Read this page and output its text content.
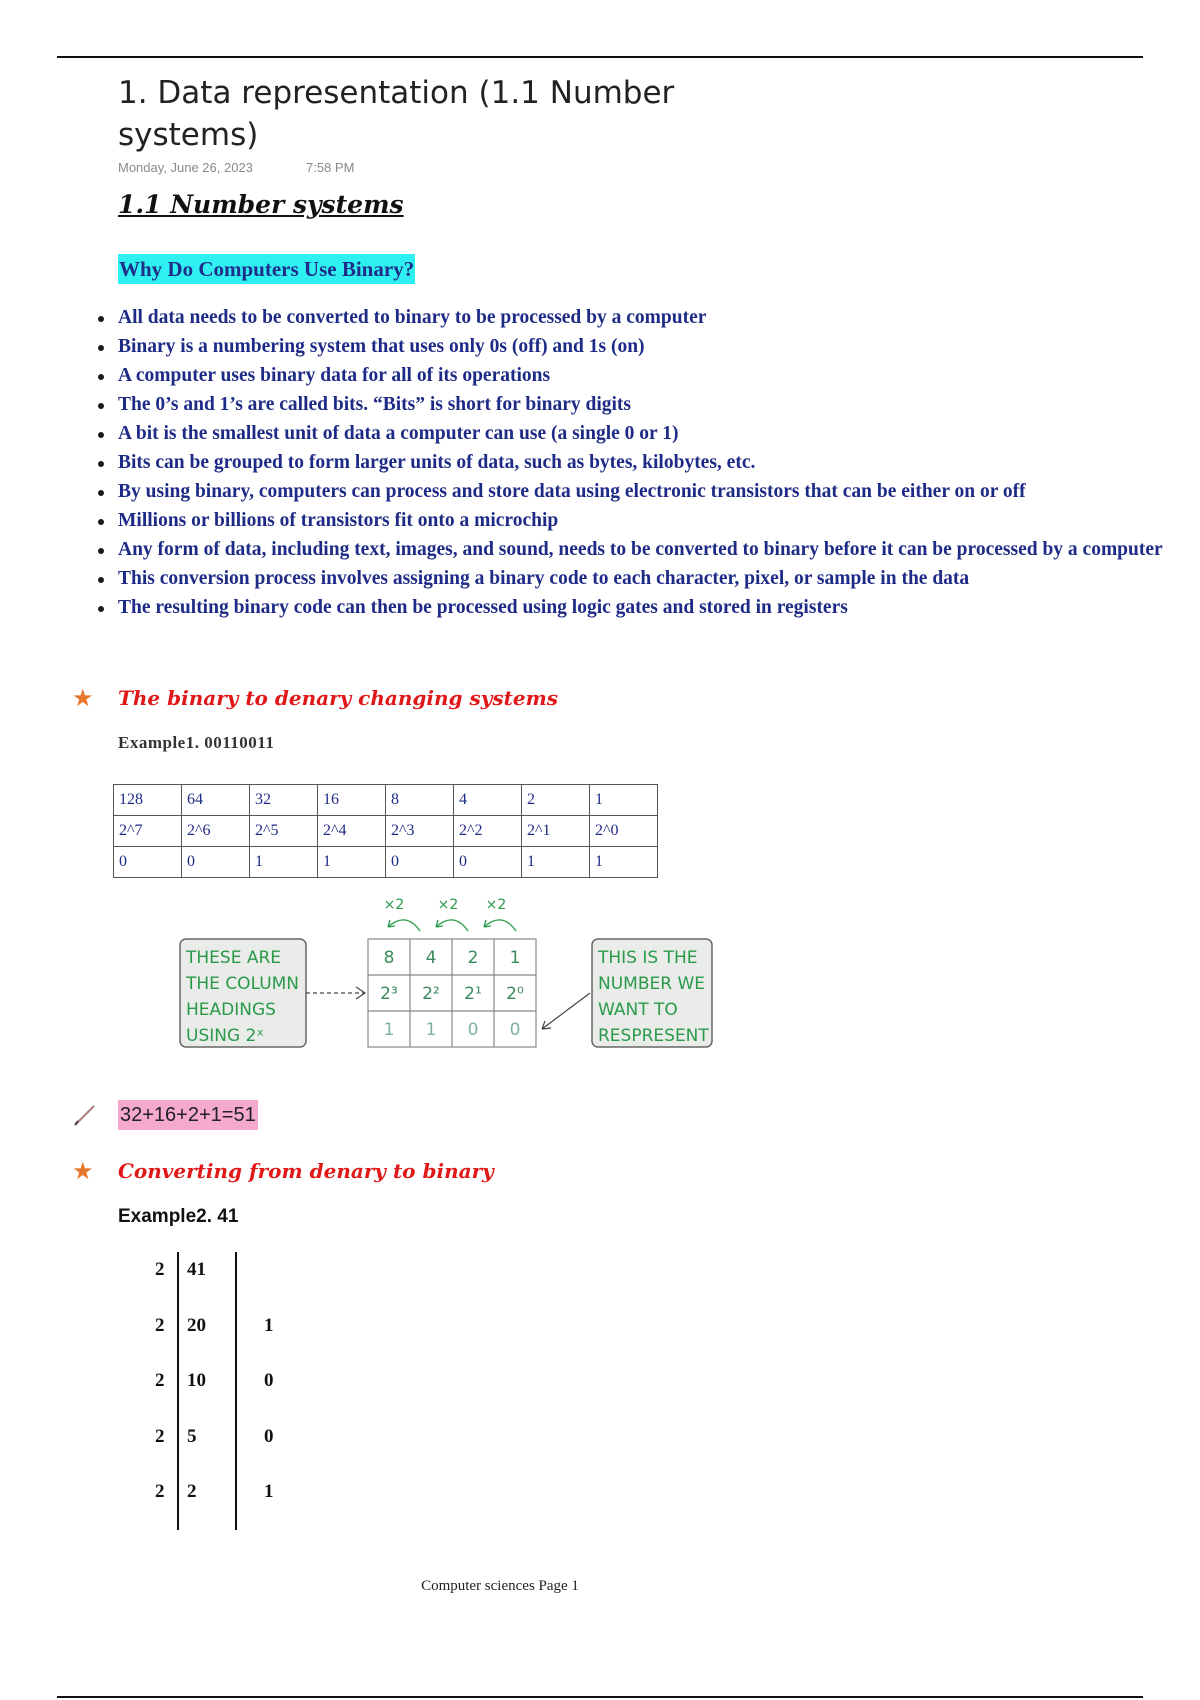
1. Data representation (1.1 Number systems)
Monday, June 26, 2023	7:58 PM
1.1 Number systems
Why Do Computers Use Binary?
All data needs to be converted to binary to be processed by a computer
Binary is a numbering system that uses only 0s (off) and 1s (on)
A computer uses binary data for all of its operations
The 0’s and 1’s are called bits. “Bits” is short for binary digits
A bit is the smallest unit of data a computer can use (a single 0 or 1)
Bits can be grouped to form larger units of data, such as bytes, kilobytes, etc.
By using binary, computers can process and store data using electronic transistors that can be either on or off
Millions or billions of transistors fit onto a microchip
Any form of data, including text, images, and sound, needs to be converted to binary before it can be processed by a computer
This conversion process involves assigning a binary code to each character, pixel, or sample in the data
The resulting binary code can then be processed using logic gates and stored in registers
★ The binary to denary changing systems
Example1. 00110011
128	64	32	16	8	4	2	1
2^7	2^6	2^5	2^4	2^3	2^2	2^1	2^0
0	0	1	1	0	0	1	1
THESE ARE
THE COLUMN
HEADINGS
USING 2ˣ
THIS IS THE
NUMBER WE
WANT TO
RESPRESENT
8 4 2 1
2³ 2² 2¹ 2⁰
1 1 0 0
×2 ×2 ×2
32+16+2+1=51
★ Converting from denary to binary
Example2. 41
2 41
2 20	1
2 10	0
2 5	0
2 2	1
Computer sciences Page 1
